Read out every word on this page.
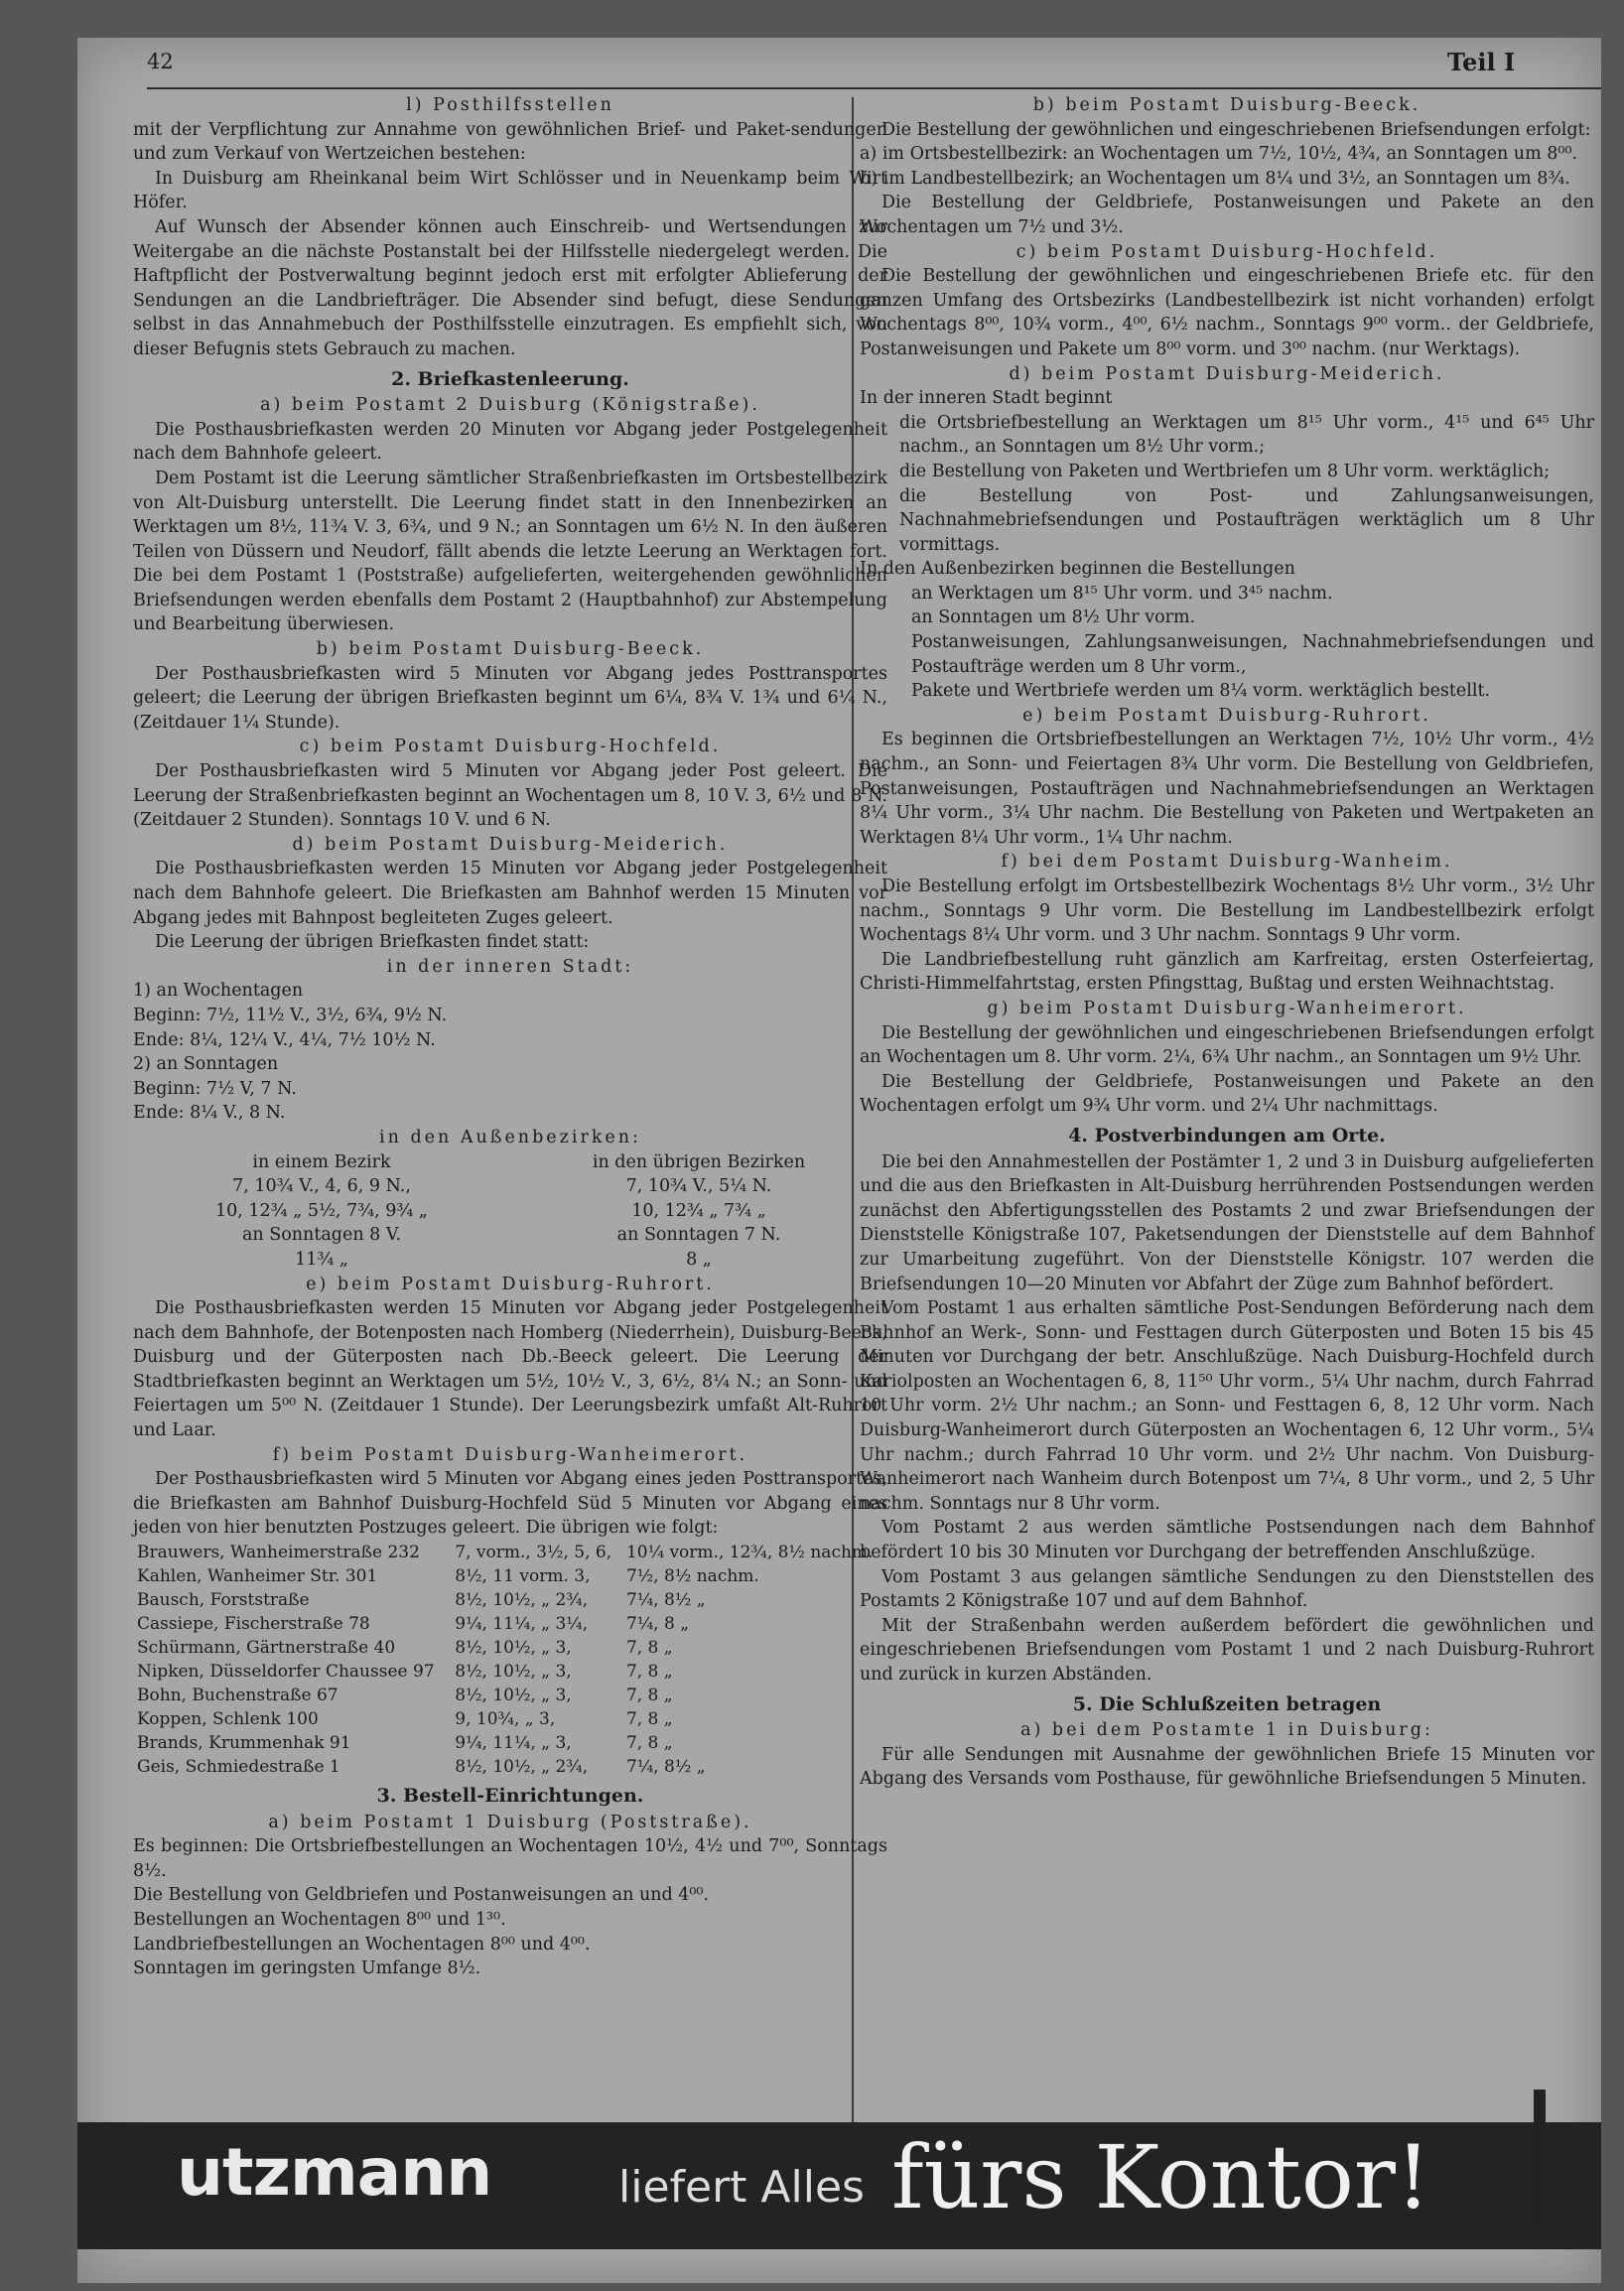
42	Teil I

l) Posthilfsstellen

mit der Verpflichtung zur Annahme von gewöhnlichen Brief- und Paket-sendungen und zum Verkauf von Wertzeichen bestehen:

In Duisburg am Rheinkanal beim Wirt Schlösser und in Neuenkamp beim Wirt Höfer.

Auf Wunsch der Absender können auch Einschreib- und Wertsendungen zur Weitergabe an die nächste Postanstalt bei der Hilfsstelle niedergelegt werden. Die Haftpflicht der Postverwaltung beginnt jedoch erst mit erfolgter Ablieferung der Sendungen an die Landbriefträger. Die Absender sind befugt, diese Sendungen selbst in das Annahmebuch der Posthilfsstelle einzutragen. Es empfiehlt sich, von dieser Befugnis stets Gebrauch zu machen.

2. Briefkastenleerung.

a) beim Postamt 2 Duisburg (Königstraße).

Die Posthausbriefkasten werden 20 Minuten vor Abgang jeder Postgelegenheit nach dem Bahnhofe geleert.

Dem Postamt ist die Leerung sämtlicher Straßenbriefkasten im Ortsbestellbezirk von Alt-Duisburg unterstellt. Die Leerung findet statt in den Innenbezirken an Werktagen um 8½, 11¾ V. 3, 6¾, und 9 N.; an Sonntagen um 6½ N. In den äußeren Teilen von Düssern und Neudorf, fällt abends die letzte Leerung an Werktagen fort. Die bei dem Postamt 1 (Poststraße) aufgelieferten, weitergehenden gewöhnlichen Briefsendungen werden ebenfalls dem Postamt 2 (Hauptbahnhof) zur Abstempelung und Bearbeitung überwiesen.

b) beim Postamt Duisburg-Beeck.

Der Posthausbriefkasten wird 5 Minuten vor Abgang jedes Posttransportes geleert; die Leerung der übrigen Briefkasten beginnt um 6¼, 8¾ V. 1¾ und 6¼ N., (Zeitdauer 1¼ Stunde).

c) beim Postamt Duisburg-Hochfeld.

Der Posthausbriefkasten wird 5 Minuten vor Abgang jeder Post geleert. Die Leerung der Straßenbriefkasten beginnt an Wochentagen um 8, 10 V. 3, 6½ und 8 N. (Zeitdauer 2 Stunden). Sonntags 10 V. und 6 N.

d) beim Postamt Duisburg-Meiderich.

Die Posthausbriefkasten werden 15 Minuten vor Abgang jeder Postgelegenheit nach dem Bahnhofe geleert. Die Briefkasten am Bahnhof werden 15 Minuten vor Abgang jedes mit Bahnpost begleiteten Zuges geleert.

Die Leerung der übrigen Briefkasten findet statt:

in der inneren Stadt:

1) an Wochentagen

Beginn: 7½, 11½ V., 3½, 6¾, 9½ N.

Ende: 8¼, 12¼ V., 4¼, 7½ 10½ N.

2) an Sonntagen

Beginn: 7½ V, 7 N.

Ende: 8¼ V., 8 N.

in den Außenbezirken:

in einem Bezirk	in den übrigen Bezirken
7, 10¾ V., 4, 6, 9 N.,	7, 10¾ V., 5¼ N.
10, 12¾ „ 5½, 7¾, 9¾ „	10, 12¾ „ 7¾ „
an Sonntagen 8 V.	an Sonntagen 7 N.
11¾ „	8 „

e) beim Postamt Duisburg-Ruhrort.

Die Posthausbriefkasten werden 15 Minuten vor Abgang jeder Postgelegenheit nach dem Bahnhofe, der Botenposten nach Homberg (Niederrhein), Duisburg-Beeck, Duisburg und der Güterposten nach Db.-Beeck geleert. Die Leerung der Stadtbriefkasten beginnt an Werktagen um 5½, 10½ V., 3, 6½, 8¼ N.; an Sonn- und Feiertagen um 5⁰⁰ N. (Zeitdauer 1 Stunde). Der Leerungsbezirk umfaßt Alt-Ruhrort und Laar.

f) beim Postamt Duisburg-Wanheimerort.

Der Posthausbriefkasten wird 5 Minuten vor Abgang eines jeden Posttransportes, die Briefkasten am Bahnhof Duisburg-Hochfeld Süd 5 Minuten vor Abgang eines jeden von hier benutzten Postzuges geleert. Die übrigen wie folgt:

Brauwers, Wanheimerstraße 232	7, vorm., 3½, 5, 6,	10¼ vorm., 12¾, 8½ nachm.
Kahlen, Wanheimer Str. 301	8½, 11 vorm. 3,	7½, 8½ nachm.
Bausch, Forststraße	8½, 10½, „ 2¾,	7¼, 8½ „
Cassiepe, Fischerstraße 78	9¼, 11¼, „ 3¼,	7¼, 8 „
Schürmann, Gärtnerstraße 40	8½, 10½, „ 3,	7, 8 „
Nipken, Düsseldorfer Chaussee 97	8½, 10½, „ 3,	7, 8 „
Bohn, Buchenstraße 67	8½, 10½, „ 3,	7, 8 „
Koppen, Schlenk 100	9, 10¾, „ 3,	7, 8 „
Brands, Krummenhak 91	9¼, 11¼, „ 3,	7, 8 „
Geis, Schmiedestraße 1	8½, 10½, „ 2¾,	7¼, 8½ „

3. Bestell-Einrichtungen.

a) beim Postamt 1 Duisburg (Poststraße).

Es beginnen: Die Ortsbriefbestellungen an Wochentagen 10½, 4½ und 7⁰⁰, Sonntags 8½.

Die Bestellung von Geldbriefen und Postanweisungen an und 4⁰⁰.

Bestellungen an Wochentagen 8⁰⁰ und 1³⁰.

Landbriefbestellungen an Wochentagen 8⁰⁰ und 4⁰⁰.

Sonntagen im geringsten Umfange 8½.

b) beim Postamt Duisburg-Beeck.

Die Bestellung der gewöhnlichen und eingeschriebenen Briefsendungen erfolgt:

a) im Ortsbestellbezirk: an Wochentagen um 7½, 10½, 4¾, an Sonntagen um 8⁰⁰.

b) im Landbestellbezirk; an Wochentagen um 8¼ und 3½, an Sonntagen um 8¾.

Die Bestellung der Geldbriefe, Postanweisungen und Pakete an den Wochentagen um 7½ und 3½.

c) beim Postamt Duisburg-Hochfeld.

Die Bestellung der gewöhnlichen und eingeschriebenen Briefe etc. für den ganzen Umfang des Ortsbezirks (Landbestellbezirk ist nicht vorhanden) erfolgt Wochentags 8⁰⁰, 10¾ vorm., 4⁰⁰, 6½ nachm., Sonntags 9⁰⁰ vorm.. der Geldbriefe, Postanweisungen und Pakete um 8⁰⁰ vorm. und 3⁰⁰ nachm. (nur Werktags).

d) beim Postamt Duisburg-Meiderich.

In der inneren Stadt beginnt

die Ortsbriefbestellung an Werktagen um 8¹⁵ Uhr vorm., 4¹⁵ und 6⁴⁵ Uhr nachm., an Sonntagen um 8½ Uhr vorm.;

die Bestellung von Paketen und Wertbriefen um 8 Uhr vorm. werktäglich;

die Bestellung von Post- und Zahlungsanweisungen, Nachnahmebriefsendungen und Postaufträgen werktäglich um 8 Uhr vormittags.

In den Außenbezirken beginnen die Bestellungen

an Werktagen um 8¹⁵ Uhr vorm. und 3⁴⁵ nachm.

an Sonntagen um 8½ Uhr vorm.

Postanweisungen, Zahlungsanweisungen, Nachnahmebriefsendungen und Postaufträge werden um 8 Uhr vorm.,

Pakete und Wertbriefe werden um 8¼ vorm. werktäglich bestellt.

e) beim Postamt Duisburg-Ruhrort.

Es beginnen die Ortsbriefbestellungen an Werktagen 7½, 10½ Uhr vorm., 4½ nachm., an Sonn- und Feiertagen 8¾ Uhr vorm. Die Bestellung von Geldbriefen, Postanweisungen, Postaufträgen und Nachnahmebriefsendungen an Werktagen 8¼ Uhr vorm., 3¼ Uhr nachm. Die Bestellung von Paketen und Wertpaketen an Werktagen 8¼ Uhr vorm., 1¼ Uhr nachm.

f) bei dem Postamt Duisburg-Wanheim.

Die Bestellung erfolgt im Ortsbestellbezirk Wochentags 8½ Uhr vorm., 3½ Uhr nachm., Sonntags 9 Uhr vorm. Die Bestellung im Landbestellbezirk erfolgt Wochentags 8¼ Uhr vorm. und 3 Uhr nachm. Sonntags 9 Uhr vorm.

Die Landbriefbestellung ruht gänzlich am Karfreitag, ersten Osterfeiertag, Christi-Himmelfahrtstag, ersten Pfingsttag, Bußtag und ersten Weihnachtstag.

g) beim Postamt Duisburg-Wanheimerort.

Die Bestellung der gewöhnlichen und eingeschriebenen Briefsendungen erfolgt an Wochentagen um 8. Uhr vorm. 2¼, 6¾ Uhr nachm., an Sonntagen um 9½ Uhr.

Die Bestellung der Geldbriefe, Postanweisungen und Pakete an den Wochentagen erfolgt um 9¾ Uhr vorm. und 2¼ Uhr nachmittags.

4. Postverbindungen am Orte.

Die bei den Annahmestellen der Postämter 1, 2 und 3 in Duisburg aufgelieferten und die aus den Briefkasten in Alt-Duisburg herrührenden Postsendungen werden zunächst den Abfertigungsstellen des Postamts 2 und zwar Briefsendungen der Dienststelle Königstraße 107, Paketsendungen der Dienststelle auf dem Bahnhof zur Umarbeitung zugeführt. Von der Dienststelle Königstr. 107 werden die Briefsendungen 10—20 Minuten vor Abfahrt der Züge zum Bahnhof befördert.

Vom Postamt 1 aus erhalten sämtliche Post-Sendungen Beförderung nach dem Bahnhof an Werk-, Sonn- und Festtagen durch Güterposten und Boten 15 bis 45 Minuten vor Durchgang der betr. Anschlußzüge. Nach Duisburg-Hochfeld durch Kariolposten an Wochentagen 6, 8, 11⁵⁰ Uhr vorm., 5¼ Uhr nachm, durch Fahrrad 10 Uhr vorm. 2½ Uhr nachm.; an Sonn- und Festtagen 6, 8, 12 Uhr vorm. Nach Duisburg-Wanheimerort durch Güterposten an Wochentagen 6, 12 Uhr vorm., 5¼ Uhr nachm.; durch Fahrrad 10 Uhr vorm. und 2½ Uhr nachm. Von Duisburg-Wanheimerort nach Wanheim durch Botenpost um 7¼, 8 Uhr vorm., und 2, 5 Uhr nachm. Sonntags nur 8 Uhr vorm.

Vom Postamt 2 aus werden sämtliche Postsendungen nach dem Bahnhof befördert 10 bis 30 Minuten vor Durchgang der betreffenden Anschlußzüge.

Vom Postamt 3 aus gelangen sämtliche Sendungen zu den Dienststellen des Postamts 2 Königstraße 107 und auf dem Bahnhof.

Mit der Straßenbahn werden außerdem befördert die gewöhnlichen und eingeschriebenen Briefsendungen vom Postamt 1 und 2 nach Duisburg-Ruhrort und zurück in kurzen Abständen.

5. Die Schlußzeiten betragen

a) bei dem Postamte 1 in Duisburg:

Für alle Sendungen mit Ausnahme der gewöhnlichen Briefe 15 Minuten vor Abgang des Versands vom Posthause, für gewöhnliche Briefsendungen 5 Minuten.

utzmann	liefert Alles fürs Kontor!
